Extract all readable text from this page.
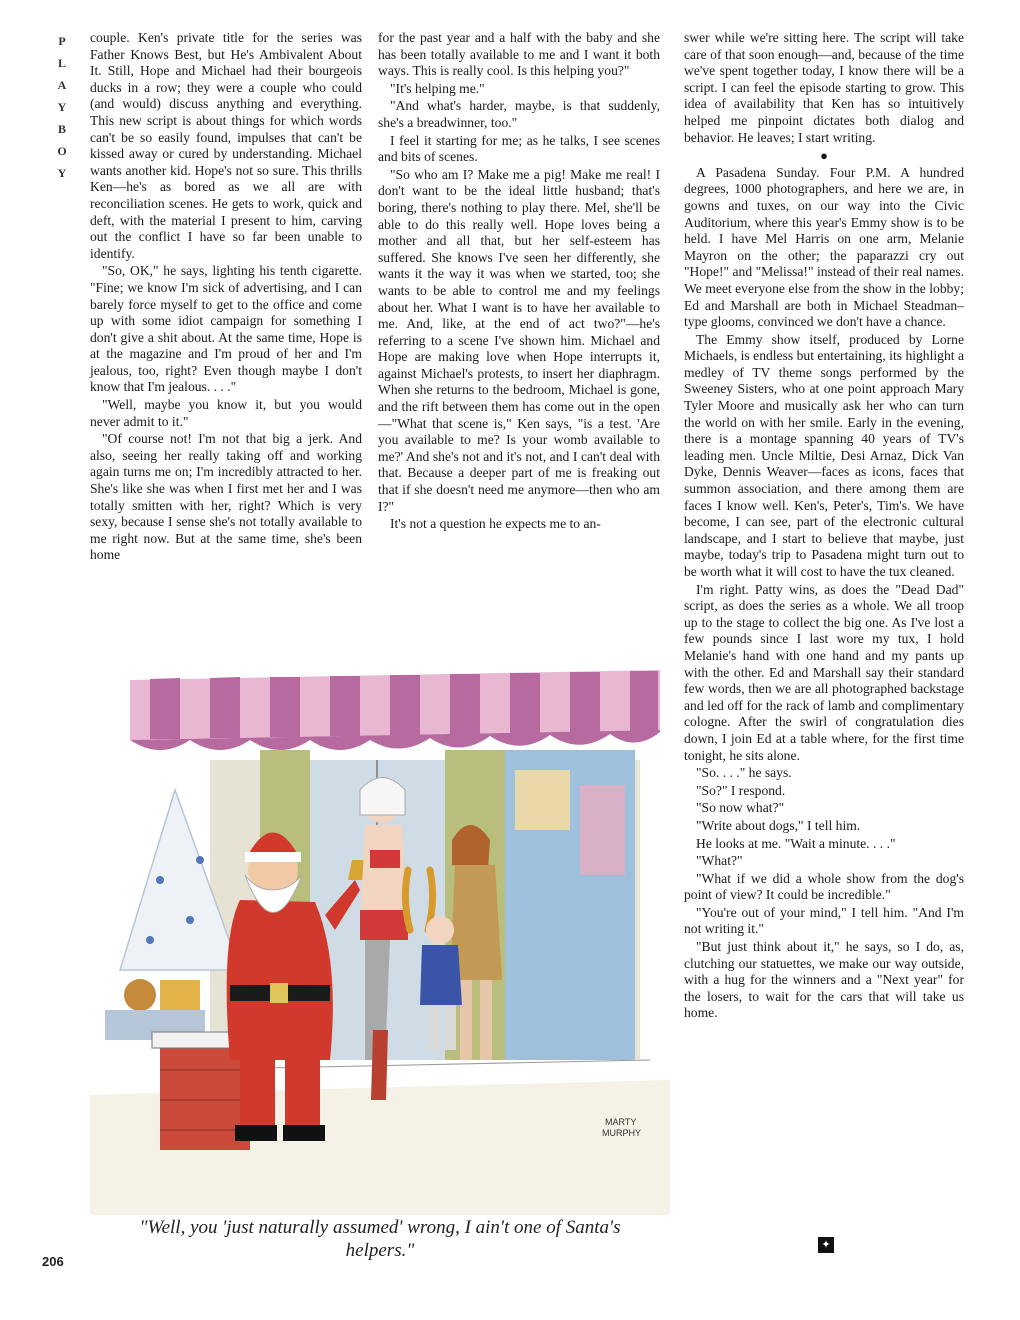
P
L
A
Y
B
O
Y

couple. Ken's private title for the series was Father Knows Best, but He's Ambivalent About It. Still, Hope and Michael had their bourgeois ducks in a row; they were a couple who could (and would) discuss anything and everything. This new script is about things for which words can't be so easily found, impulses that can't be kissed away or cured by understanding. Michael wants another kid. Hope's not so sure. This thrills Ken—he's as bored as we all are with reconciliation scenes. He gets to work, quick and deft, with the material I present to him, carving out the conflict I have so far been unable to identify.

"So, OK," he says, lighting his tenth cigarette. "Fine; we know I'm sick of advertising, and I can barely force myself to get to the office and come up with some idiot campaign for something I don't give a shit about. At the same time, Hope is at the magazine and I'm proud of her and I'm jealous, too, right? Even though maybe I don't know that I'm jealous. . . ."

"Well, maybe you know it, but you would never admit to it."

"Of course not! I'm not that big a jerk. And also, seeing her really taking off and working again turns me on; I'm incredibly attracted to her. She's like she was when I first met her and I was totally smitten with her, right? Which is very sexy, because I sense she's not totally available to me right now. But at the same time, she's been home

for the past year and a half with the baby and she has been totally available to me and I want it both ways. This is really cool. Is this helping you?"

"It's helping me."

"And what's harder, maybe, is that suddenly, she's a breadwinner, too."

I feel it starting for me; as he talks, I see scenes and bits of scenes.

"So who am I? Make me a pig! Make me real! I don't want to be the ideal little husband; that's boring, there's nothing to play there. Mel, she'll be able to do this really well. Hope loves being a mother and all that, but her self-esteem has suffered. She knows I've seen her differently, she wants it the way it was when we started, too; she wants to be able to control me and my feelings about her. What I want is to have her available to me. And, like, at the end of act two?"—he's referring to a scene I've shown him. Michael and Hope are making love when Hope interrupts it, against Michael's protests, to insert her diaphragm. When she returns to the bedroom, Michael is gone, and the rift between them has come out in the open—"What that scene is," Ken says, "is a test. 'Are you available to me? Is your womb available to me?' And she's not and it's not, and I can't deal with that. Because a deeper part of me is freaking out that if she doesn't need me anymore—then who am I?"

It's not a question he expects me to an-

swer while we're sitting here. The script will take care of that soon enough—and, because of the time we've spent together today, I know there will be a script. I can feel the episode starting to grow. This idea of availability that Ken has so intuitively helped me pinpoint dictates both dialog and behavior. He leaves; I start writing.

●

A Pasadena Sunday. Four P.M. A hundred degrees, 1000 photographers, and here we are, in gowns and tuxes, on our way into the Civic Auditorium, where this year's Emmy show is to be held. I have Mel Harris on one arm, Melanie Mayron on the other; the paparazzi cry out "Hope!" and "Melissa!" instead of their real names. We meet everyone else from the show in the lobby; Ed and Marshall are both in Michael Steadman–type glooms, convinced we don't have a chance.

The Emmy show itself, produced by Lorne Michaels, is endless but entertaining, its highlight a medley of TV theme songs performed by the Sweeney Sisters, who at one point approach Mary Tyler Moore and musically ask her who can turn the world on with her smile. Early in the evening, there is a montage spanning 40 years of TV's leading men. Uncle Miltie, Desi Arnaz, Dick Van Dyke, Dennis Weaver—faces as icons, faces that summon association, and there among them are faces I know well. Ken's, Peter's, Tim's. We have become, I can see, part of the electronic cultural landscape, and I start to believe that maybe, just maybe, today's trip to Pasadena might turn out to be worth what it will cost to have the tux cleaned.

I'm right. Patty wins, as does the "Dead Dad" script, as does the series as a whole. We all troop up to the stage to collect the big one. As I've lost a few pounds since I last wore my tux, I hold Melanie's hand with one hand and my pants up with the other. Ed and Marshall say their standard few words, then we are all photographed backstage and led off for the rack of lamb and complimentary cologne. After the swirl of congratulation dies down, I join Ed at a table where, for the first time tonight, he sits alone.

"So. . . ." he says.

"So?" I respond.

"So now what?"

"Write about dogs," I tell him.

He looks at me. "Wait a minute. . . ."

"What?"

"What if we did a whole show from the dog's point of view? It could be incredible."

"You're out of your mind," I tell him. "And I'm not writing it."

"But just think about it," he says, so I do, as, clutching our statuettes, we make our way outside, with a hug for the winners and a "Next year" for the losers, to wait for the cars that will take us home.

MARTY MURPHY
"Well, you 'just naturally assumed' wrong, I ain't one of Santa's helpers."
206
✦
